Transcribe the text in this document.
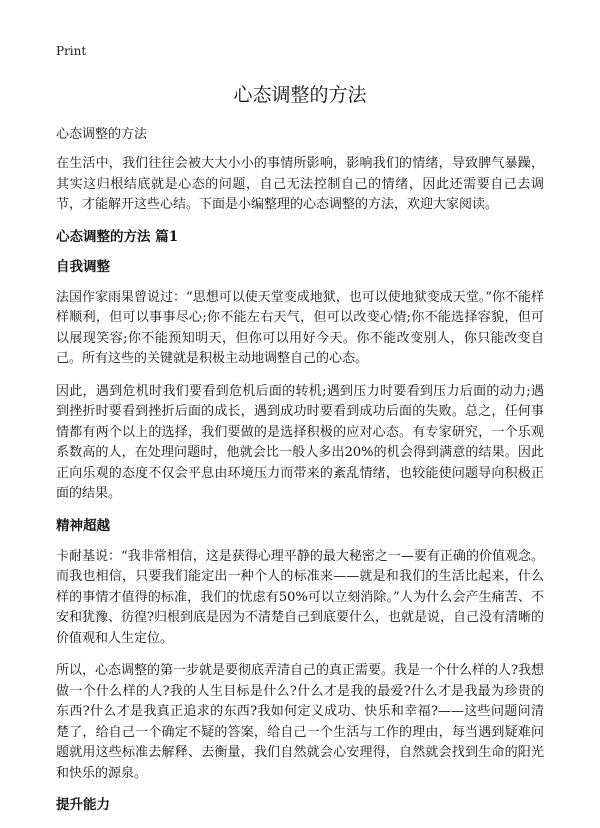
Print
心态调整的方法
心态调整的方法

在生活中，我们往往会被大大小小的事情所影响，影响我们的情绪，导致脾气暴躁，其实这归根结底就是心态的问题，自己无法控制自己的情绪，因此还需要自己去调节，才能解开这些心结。下面是小编整理的心态调整的方法，欢迎大家阅读。

心态调整的方法 篇1
自我调整

法国作家雨果曾说过：“思想可以使天堂变成地狱，也可以使地狱变成天堂。”你不能样样顺利，但可以事事尽心;你不能左右天气，但可以改变心情;你不能选择容貌，但可以展现笑容;你不能预知明天，但你可以用好今天。你不能改变别人，你只能改变自己。所有这些的关键就是积极主动地调整自己的心态。

因此，遇到危机时我们要看到危机后面的转机;遇到压力时要看到压力后面的动力;遇到挫折时要看到挫折后面的成长，遇到成功时要看到成功后面的失败。总之，任何事情都有两个以上的选择，我们要做的是选择积极的应对心态。有专家研究，一个乐观系数高的人，在处理问题时，他就会比一般人多出20%的机会得到满意的结果。因此正向乐观的态度不仅会平息由环境压力而带来的紊乱情绪，也较能使问题导向积极正面的结果。

精神超越

卡耐基说：“我非常相信，这是获得心理平静的最大秘密之一—要有正确的价值观念。而我也相信，只要我们能定出一种个人的标准来——就是和我们的生活比起来，什么样的事情才值得的标准，我们的忧虑有50%可以立刻消除。”人为什么会产生痛苦、不安和犹豫、彷徨?归根到底是因为不清楚自己到底要什么，也就是说，自己没有清晰的价值观和人生定位。

所以，心态调整的第一步就是要彻底弄清自己的真正需要。我是一个什么样的人?我想做一个什么样的人?我的人生目标是什么?什么才是我的最爱?什么才是我最为珍贵的东西?什么才是我真正追求的东西?我如何定义成功、快乐和幸福?——这些问题问清楚了，给自己一个确定不疑的答案，给自己一个生活与工作的理由，每当遇到疑难问题就用这些标准去解释、去衡量，我们自然就会心安理得，自然就会找到生命的阳光和快乐的源泉。

提升能力
